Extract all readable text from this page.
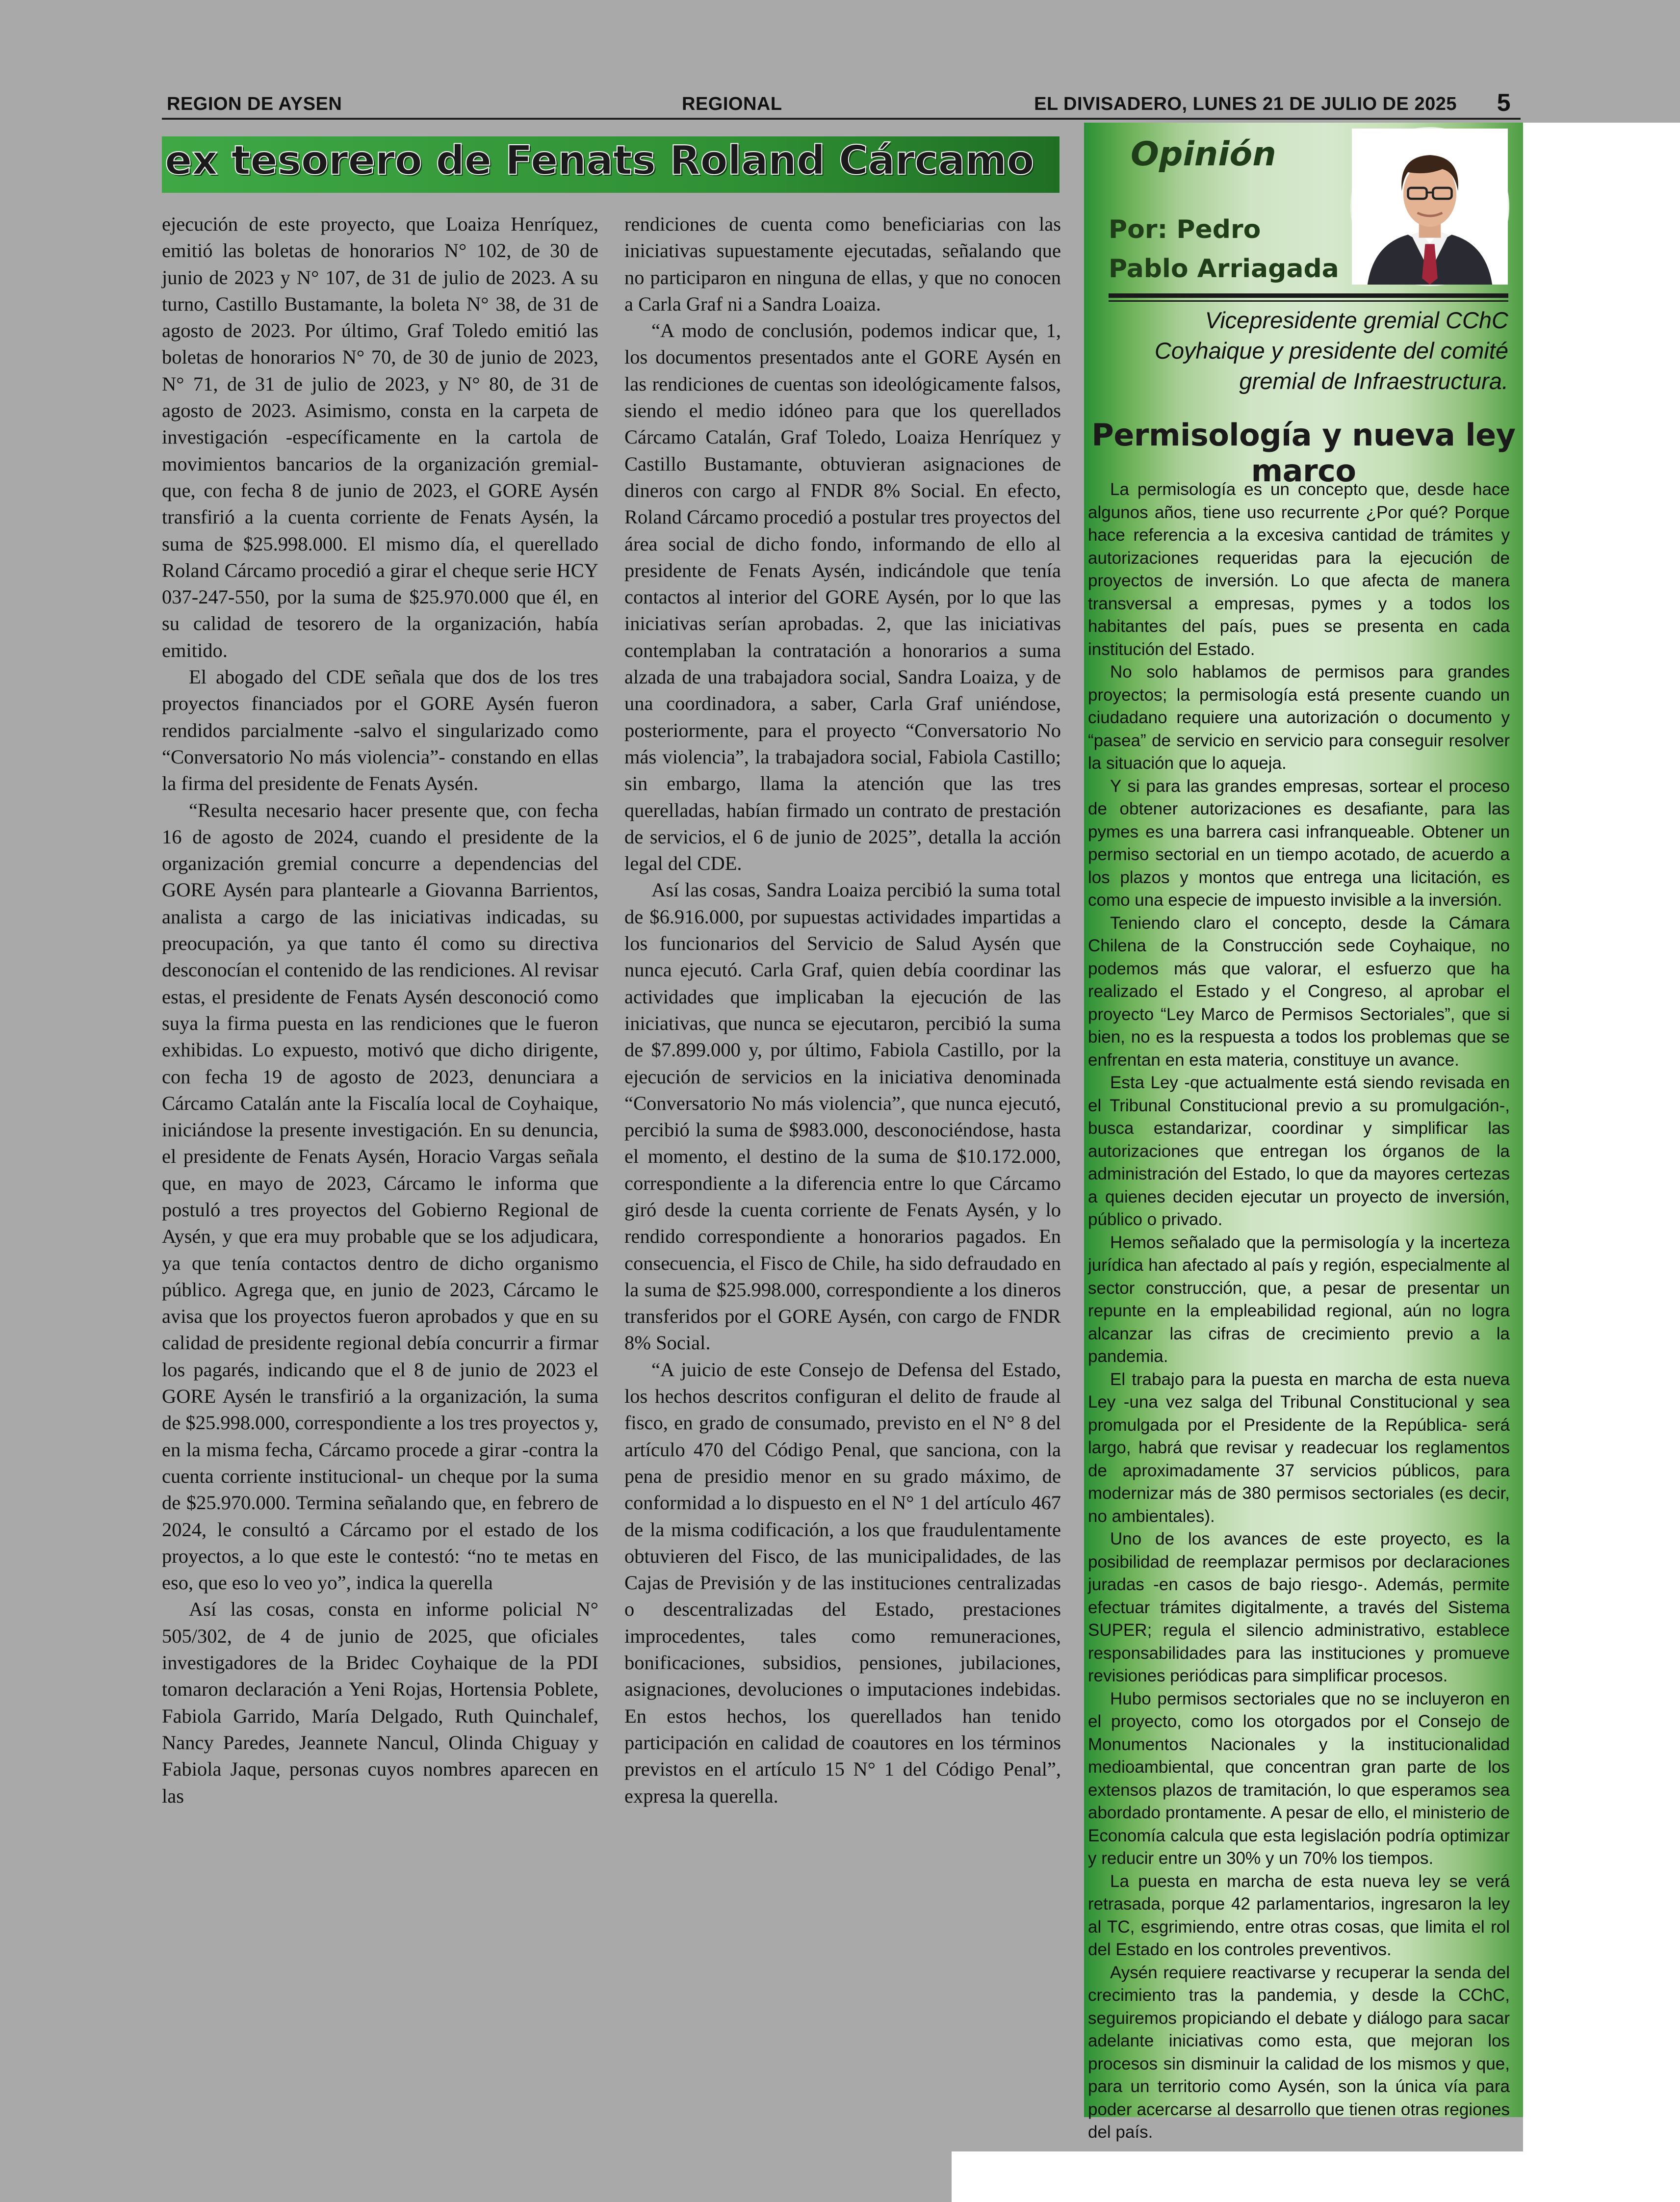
REGION DE AYSEN	REGIONAL	EL DIVISADERO, LUNES 21 DE JULIO DE 2025 5
ex tesorero de Fenats Roland Cárcamo

ejecución de este proyecto, que Loaiza Henríquez, emitió las boletas de honorarios N° 102, de 30 de junio de 2023 y N° 107, de 31 de julio de 2023. A su turno, Castillo Bustamante, la boleta N° 38, de 31 de agosto de 2023. Por último, Graf Toledo emitió las boletas de honorarios N° 70, de 30 de junio de 2023, N° 71, de 31 de julio de 2023, y N° 80, de 31 de agosto de 2023. Asimismo, consta en la carpeta de investigación -específicamente en la cartola de movimientos bancarios de la organización gremial- que, con fecha 8 de junio de 2023, el GORE Aysén transfirió a la cuenta corriente de Fenats Aysén, la suma de $25.998.000. El mismo día, el querellado Roland Cárcamo procedió a girar el cheque serie HCY 037-247-550, por la suma de $25.970.000 que él, en su calidad de tesorero de la organización, había emitido.

El abogado del CDE señala que dos de los tres proyectos financiados por el GORE Aysén fueron rendidos parcialmente -salvo el singularizado como “Conversatorio No más violencia”- constando en ellas la firma del presidente de Fenats Aysén.

“Resulta necesario hacer presente que, con fecha 16 de agosto de 2024, cuando el presidente de la organización gremial concurre a dependencias del GORE Aysén para plantearle a Giovanna Barrientos, analista a cargo de las iniciativas indicadas, su preocupación, ya que tanto él como su directiva desconocían el contenido de las rendiciones. Al revisar estas, el presidente de Fenats Aysén desconoció como suya la firma puesta en las rendiciones que le fueron exhibidas. Lo expuesto, motivó que dicho dirigente, con fecha 19 de agosto de 2023, denunciara a Cárcamo Catalán ante la Fiscalía local de Coyhaique, iniciándose la presente investigación. En su denuncia, el presidente de Fenats Aysén, Horacio Vargas señala que, en mayo de 2023, Cárcamo le informa que postuló a tres proyectos del Gobierno Regional de Aysén, y que era muy probable que se los adjudicara, ya que tenía contactos dentro de dicho organismo público. Agrega que, en junio de 2023, Cárcamo le avisa que los proyectos fueron aprobados y que en su calidad de presidente regional debía concurrir a firmar los pagarés, indicando que el 8 de junio de 2023 el GORE Aysén le transfirió a la organización, la suma de $25.998.000, correspondiente a los tres proyectos y, en la misma fecha, Cárcamo procede a girar -contra la cuenta corriente institucional- un cheque por la suma de $25.970.000. Termina señalando que, en febrero de 2024, le consultó a Cárcamo por el estado de los proyectos, a lo que este le contestó: “no te metas en eso, que eso lo veo yo”, indica la querella

Así las cosas, consta en informe policial N° 505/302, de 4 de junio de 2025, que oficiales investigadores de la Bridec Coyhaique de la PDI tomaron declaración a Yeni Rojas, Hortensia Poblete, Fabiola Garrido, María Delgado, Ruth Quinchalef, Nancy Paredes, Jeannete Nancul, Olinda Chiguay y Fabiola Jaque, personas cuyos nombres aparecen en las

rendiciones de cuenta como beneficiarias con las iniciativas supuestamente ejecutadas, señalando que no participaron en ninguna de ellas, y que no conocen a Carla Graf ni a Sandra Loaiza.

“A modo de conclusión, podemos indicar que, 1, los documentos presentados ante el GORE Aysén en las rendiciones de cuentas son ideológicamente falsos, siendo el medio idóneo para que los querellados Cárcamo Catalán, Graf Toledo, Loaiza Henríquez y Castillo Bustamante, obtuvieran asignaciones de dineros con cargo al FNDR 8% Social. En efecto, Roland Cárcamo procedió a postular tres proyectos del área social de dicho fondo, informando de ello al presidente de Fenats Aysén, indicándole que tenía contactos al interior del GORE Aysén, por lo que las iniciativas serían aprobadas. 2, que las iniciativas contemplaban la contratación a honorarios a suma alzada de una trabajadora social, Sandra Loaiza, y de una coordinadora, a saber, Carla Graf uniéndose, posteriormente, para el proyecto “Conversatorio No más violencia”, la trabajadora social, Fabiola Castillo; sin embargo, llama la atención que las tres querelladas, habían firmado un contrato de prestación de servicios, el 6 de junio de 2025”, detalla la acción legal del CDE.

Así las cosas, Sandra Loaiza percibió la suma total de $6.916.000, por supuestas actividades impartidas a los funcionarios del Servicio de Salud Aysén que nunca ejecutó. Carla Graf, quien debía coordinar las actividades que implicaban la ejecución de las iniciativas, que nunca se ejecutaron, percibió la suma de $7.899.000 y, por último, Fabiola Castillo, por la ejecución de servicios en la iniciativa denominada “Conversatorio No más violencia”, que nunca ejecutó, percibió la suma de $983.000, desconociéndose, hasta el momento, el destino de la suma de $10.172.000, correspondiente a la diferencia entre lo que Cárcamo giró desde la cuenta corriente de Fenats Aysén, y lo rendido correspondiente a honorarios pagados. En consecuencia, el Fisco de Chile, ha sido defraudado en la suma de $25.998.000, correspondiente a los dineros transferidos por el GORE Aysén, con cargo de FNDR 8% Social.

“A juicio de este Consejo de Defensa del Estado, los hechos descritos configuran el delito de fraude al fisco, en grado de consumado, previsto en el N° 8 del artículo 470 del Código Penal, que sanciona, con la pena de presidio menor en su grado máximo, de conformidad a lo dispuesto en el N° 1 del artículo 467 de la misma codificación, a los que fraudulentamente obtuvieren del Fisco, de las municipalidades, de las Cajas de Previsión y de las instituciones centralizadas o descentralizadas del Estado, prestaciones improcedentes, tales como remuneraciones, bonificaciones, subsidios, pensiones, jubilaciones, asignaciones, devoluciones o imputaciones indebidas. En estos hechos, los querellados han tenido participación en calidad de coautores en los términos previstos en el artículo 15 N° 1 del Código Penal”, expresa la querella.

Opinión
Por: Pedro Pablo Arriagada
Vicepresidente gremial CChC Coyhaique y presidente del comité gremial de Infraestructura.
Permisología y nueva ley marco

La permisología es un concepto que, desde hace algunos años, tiene uso recurrente ¿Por qué? Porque hace referencia a la excesiva cantidad de trámites y autorizaciones requeridas para la ejecución de proyectos de inversión. Lo que afecta de manera transversal a empresas, pymes y a todos los habitantes del país, pues se presenta en cada institución del Estado.

No solo hablamos de permisos para grandes proyectos; la permisología está presente cuando un ciudadano requiere una autorización o documento y “pasea” de servicio en servicio para conseguir resolver la situación que lo aqueja.

Y si para las grandes empresas, sortear el proceso de obtener autorizaciones es desafiante, para las pymes es una barrera casi infranqueable. Obtener un permiso sectorial en un tiempo acotado, de acuerdo a los plazos y montos que entrega una licitación, es como una especie de impuesto invisible a la inversión.

Teniendo claro el concepto, desde la Cámara Chilena de la Construcción sede Coyhaique, no podemos más que valorar, el esfuerzo que ha realizado el Estado y el Congreso, al aprobar el proyecto “Ley Marco de Permisos Sectoriales”, que si bien, no es la respuesta a todos los problemas que se enfrentan en esta materia, constituye un avance.

Esta Ley -que actualmente está siendo revisada en el Tribunal Constitucional previo a su promulgación-, busca estandarizar, coordinar y simplificar las autorizaciones que entregan los órganos de la administración del Estado, lo que da mayores certezas a quienes deciden ejecutar un proyecto de inversión, público o privado.

Hemos señalado que la permisología y la incerteza jurídica han afectado al país y región, especialmente al sector construcción, que, a pesar de presentar un repunte en la empleabilidad regional, aún no logra alcanzar las cifras de crecimiento previo a la pandemia.

El trabajo para la puesta en marcha de esta nueva Ley -una vez salga del Tribunal Constitucional y sea promulgada por el Presidente de la República- será largo, habrá que revisar y readecuar los reglamentos de aproximadamente 37 servicios públicos, para modernizar más de 380 permisos sectoriales (es decir, no ambientales).

Uno de los avances de este proyecto, es la posibilidad de reemplazar permisos por declaraciones juradas -en casos de bajo riesgo-. Además, permite efectuar trámites digitalmente, a través del Sistema SUPER; regula el silencio administrativo, establece responsabilidades para las instituciones y promueve revisiones periódicas para simplificar procesos.

Hubo permisos sectoriales que no se incluyeron en el proyecto, como los otorgados por el Consejo de Monumentos Nacionales y la institucionalidad medioambiental, que concentran gran parte de los extensos plazos de tramitación, lo que esperamos sea abordado prontamente. A pesar de ello, el ministerio de Economía calcula que esta legislación podría optimizar y reducir entre un 30% y un 70% los tiempos.

La puesta en marcha de esta nueva ley se verá retrasada, porque 42 parlamentarios, ingresaron la ley al TC, esgrimiendo, entre otras cosas, que limita el rol del Estado en los controles preventivos.

Aysén requiere reactivarse y recuperar la senda del crecimiento tras la pandemia, y desde la CChC, seguiremos propiciando el debate y diálogo para sacar adelante iniciativas como esta, que mejoran los procesos sin disminuir la calidad de los mismos y que, para un territorio como Aysén, son la única vía para poder acercarse al desarrollo que tienen otras regiones del país.
